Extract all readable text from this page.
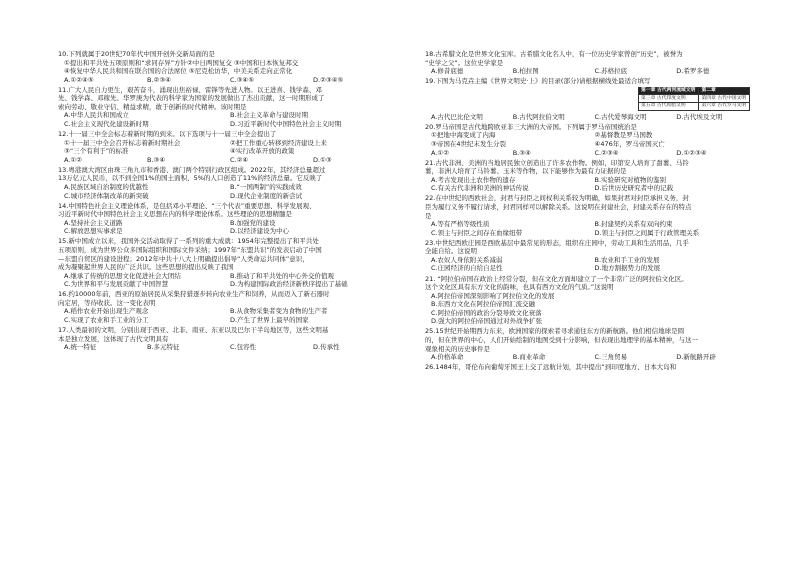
10.下列就属于20世纪70年代中国开创外交新局面的是
①提出和平共处五项原则和“求同存异”方针②中日两国复交 ③中国和日本恢复邦交
④恢复中华人民共和国在联合国的合法席位 ⑤尼克松访华，中美关系走向正常化
A.①②④⑤	B.②③④	C.③④⑤	D.②③④⑤
11.广大人民自力更生，艰苦奋斗，涌现出焦裕禄、雷锋等先进人物。以王进喜、钱学森、邓
先、钱学森、邓稼先、华罗庚为代表的科学家为国家的发展做出了杰出贡献，这一时期形成了
索向劳动、敬业守信、精益求精，敢于创新的时代精神。该时期是
A.中华人民共和国成立	B.社会主义革命与建设时期
C.社会主义现代化建设新时期	D.习近平新时代中国特色社会主义时期
12.十一届三中全会标志着新时期的到来。以下选项与十一届三中全会提出了
①十一届三中全会召开标志着新时期社会	②把工作重心转移到经济建设上来
③“三个有利于”的标准	④实行改革开放的政策
A.①②	B.③④	C.②④	D.①③
13.粤港澳大湾区由珠三角九市和香港、澳门两个特别行政区组成。2022年，其经济总量超过
13万亿元人民币，以不到全国1%的国土面积、5%的人口创造了11%的经济总量。它反映了
A.民族区域自治制度的优越性	B.“一国两制”的实践成效
C.城市经济体制改革的新突破	D.现代企业制度的新尝试
14.中国特色社会主义理论体系，是包括邓小平理论、“三个代表”重要思想、科学发展观、
习近平新时代中国特色社会主义思想在内的科学理论体系。这些理论的思想精髓是
A.坚持社会主义道路	B.加强党的建设
C.解放思想实事求是	D.以经济建设为中心
15.新中国成立以来，我国外交活动取得了一系列的重大成就：1954年完整提出了和平共处
五项原则，成为世界公众多国际组织和国际文件采纳；1997年“东盟共识”的发表启动了中国
—东盟自贸区的建设进程；2012年中共十八大上明确提出倡导“人类命运共同体”意识，
成为凝聚起世界人民的广泛共识。这些思想的提出反映了我国
A.继承了传统的思想文化促进社会大团结	B.推动了和平共处的中心外交价值观
C.为世界和平与发展贡献了中国智慧	D.为构建国际政治经济新秩序提出了基础
16.约10000年前，西亚的原始居民从采集狩猎逐步转向农业生产和饲养，从而迈入了新石器时
向定居，等待收获。这一变化表明
A.稻作农业开始出现生产观念	B.从食物采集者变为食物的生产者
C.实现了农业和手工业的分工	D.产生了世界上最早的国家
17.人类最初的文明，分别出现于西亚、北非、南亚、东亚以及巴尔干半岛地区等，这些文明基
本是独立发展，这体现了古代文明具有
A.统一特征	B.多元特征	C.包容性	D.传承性
18.古希腊文化是世界文化宝库。古希腊文化名人中，有一位历史学家曾创“历史”，被誉为
“史学之父”。这位史学家是
A.修昔底德	B.柏拉图	C.苏格拉底	D.希罗多德
19.下图为马克垚主编《世界文明史·上》的目录(部分)请根据横线处最适合填写
第一章 古代两河流域文明	第二章
第三章 古代印度文明	第四章 古代中国文明
第五章 古代希腊文明	第六章 古代罗马文明
A.古代巴比伦文明	B.古代阿拉伯文明	C.古代爱琴海文明	D.古代埃及文明
20.罗马帝国是古代地跨欧亚非三大洲的大帝国。下列属于罗马帝国统治是
①把地中海变成了内海	②基督教是罗马国教
③帝国在4世纪末发生分裂	④476年，罗马帝国灭亡
A.①②	B.③④	C.②③④	D.①②③④
21.古代非洲、美洲的当地居民独立创造出了许多农作物。例如，印第安人培育了甜薯、马铃
薯，非洲人培育了马铃薯、玉米等作物，以下能够作为最有力证据的是
A.考古发现出土农作物的遗存	B.实验研究对植物的鉴别
C.有关古代非洲和美洲的神话传说	D.后世历史研究者中的记载
22.在中世纪的西欧社会，封君与封臣之间权利关系较为明确，如果封君对封臣承担义务，封
臣为履行义务不履行请求，封君同样可以解除关系。这说明在封建社会，封建关系存在的特点
是
A.等有严格等级性质	B.封建契约关系有双向约束
C.领主与封臣之间存在血缘纽带	D.领主与封臣之间属于行政管理关系
23.中世纪西欧庄园是西欧基层中最常见的形态，组织在庄园中，劳动工具和生活用品，几乎
全能自给。这说明
A.农奴人身依附关系减弱	B.农业和手工业的发展
C.庄园经济的自给自足性	D.地方割据势力的发展
21. “阿拉伯帝国在政治上经常分裂，但在文化方面却建立了一个非常广泛的阿拉伯文化区。
这个文化区具有东方文化的韵味，也具有西方文化的气质。”这说明
A.阿拉伯帝国深刻影响了阿拉伯文化的发展
B.东西方文化在阿拉伯帝国汇流交融
C.阿拉伯帝国的政治分裂导致文化衰落
D.强大的阿拉伯帝国通过对外战争扩张
25.15世纪开始期西力东来，欧洲国家的探索者寻求通往东方的新航路。他们相信地球是圆
的，但在世界的中心，人们开始绘制的地图受到十分影响，但表现出地理学的基本精神，与这一
观象相关的历史事件是
A.价格革命	B.商业革命	C.三角贸易	D.新航路开辟
26.1484年，哥伦布向葡萄牙国王上交了远航计划，其中提出“到印度地方、日本大岛和
